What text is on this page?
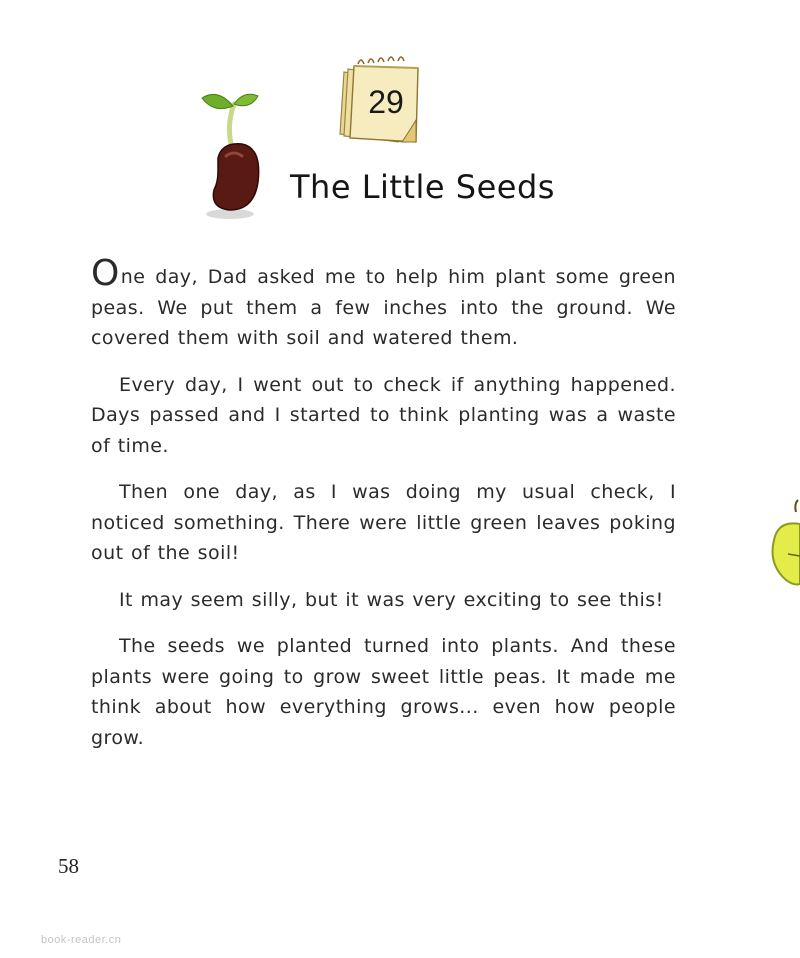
29
The Little Seeds

One day, Dad asked me to help him plant some green peas. We put them a few inches into the ground. We covered them with soil and watered them.

Every day, I went out to check if anything happened. Days passed and I started to think planting was a waste of time.

Then one day, as I was doing my usual check, I noticed something. There were little green leaves poking out of the soil!

It may seem silly, but it was very exciting to see this!

The seeds we planted turned into plants. And these plants were going to grow sweet little peas. It made me think about how everything grows... even how people grow.

58
book-reader.cn
